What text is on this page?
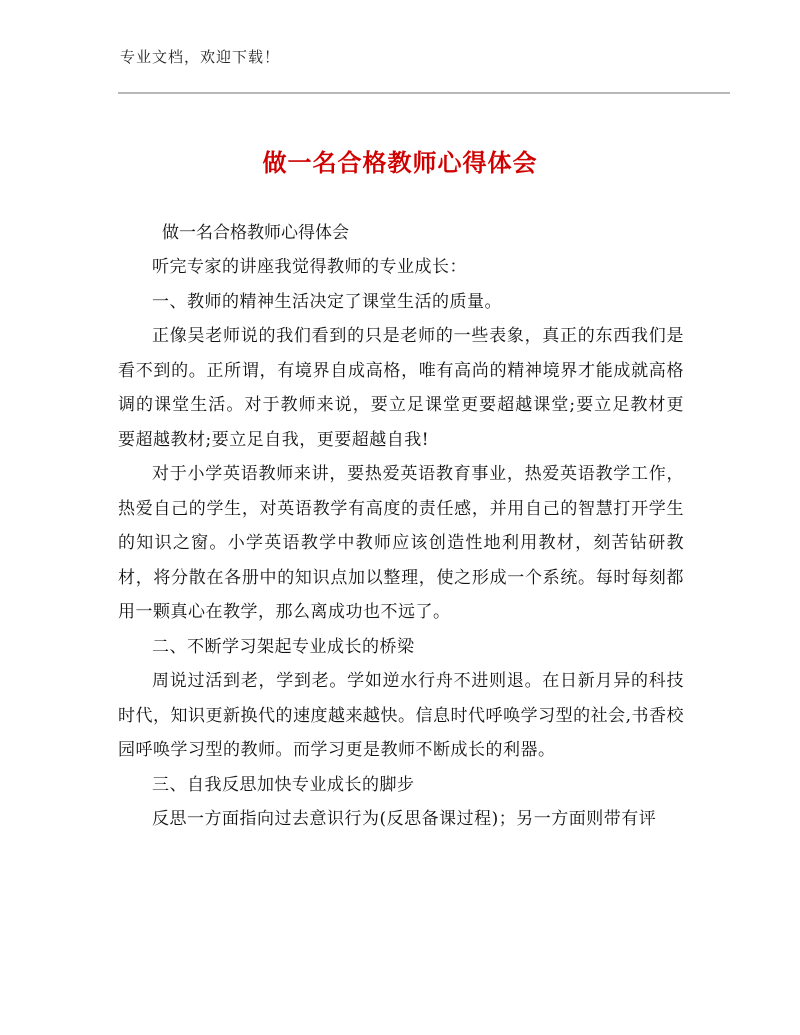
专业文档，欢迎下载！
做一名合格教师心得体会

做一名合格教师心得体会

听完专家的讲座我觉得教师的专业成长：

一、教师的精神生活决定了课堂生活的质量。

正像吴老师说的我们看到的只是老师的一些表象，真正的东西我们是看不到的。正所谓，有境界自成高格，唯有高尚的精神境界才能成就高格调的课堂生活。对于教师来说，要立足课堂更要超越课堂;要立足教材更要超越教材;要立足自我，更要超越自我!

对于小学英语教师来讲，要热爱英语教育事业，热爱英语教学工作，热爱自己的学生，对英语教学有高度的责任感，并用自己的智慧打开学生的知识之窗。小学英语教学中教师应该创造性地利用教材，刻苦钻研教材，将分散在各册中的知识点加以整理，使之形成一个系统。每时每刻都用一颗真心在教学，那么离成功也不远了。

二、不断学习架起专业成长的桥梁

周说过活到老，学到老。学如逆水行舟不进则退。在日新月异的科技时代，知识更新换代的速度越来越快。信息时代呼唤学习型的社会,书香校园呼唤学习型的教师。而学习更是教师不断成长的利器。

三、自我反思加快专业成长的脚步

反思一方面指向过去意识行为(反思备课过程)；另一方面则带有评
